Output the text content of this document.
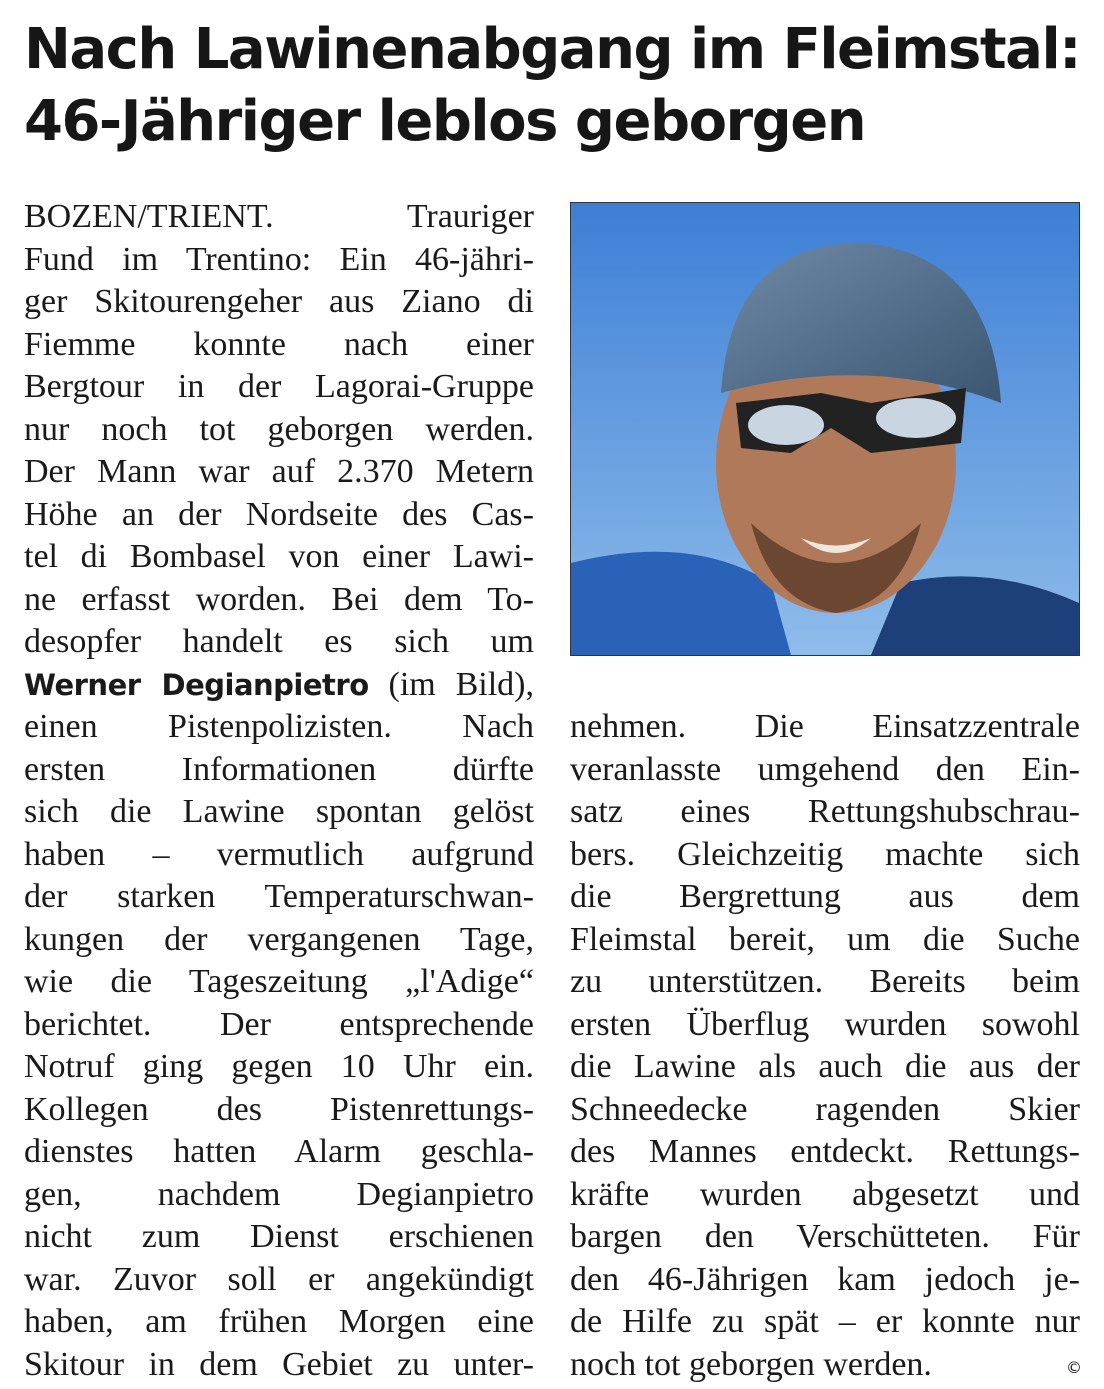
Nach Lawinenabgang im Fleimstal:
46-Jähriger leblos geborgen
BOZEN/TRIENT. Trauriger
Fund im Trentino: Ein 46-jähri-
ger Skitourengeher aus Ziano di
Fiemme konnte nach einer
Bergtour in der Lagorai-Gruppe
nur noch tot geborgen werden.
Der Mann war auf 2.370 Metern
Höhe an der Nordseite des Cas-
tel di Bombasel von einer Lawi-
ne erfasst worden. Bei dem To-
desopfer handelt es sich um
Werner Degianpietro (im Bild),
einen Pistenpolizisten. Nach
ersten Informationen dürfte
sich die Lawine spontan gelöst
haben – vermutlich aufgrund
der starken Temperaturschwan-
kungen der vergangenen Tage,
wie die Tageszeitung „l'Adige“
berichtet. Der entsprechende
Notruf ging gegen 10 Uhr ein.
Kollegen des Pistenrettungs-
dienstes hatten Alarm geschla-
gen, nachdem Degianpietro
nicht zum Dienst erschienen
war. Zuvor soll er angekündigt
haben, am frühen Morgen eine
Skitour in dem Gebiet zu unter-
nehmen. Die Einsatzzentrale
veranlasste umgehend den Ein-
satz eines Rettungshubschrau-
bers. Gleichzeitig machte sich
die Bergrettung aus dem
Fleimstal bereit, um die Suche
zu unterstützen. Bereits beim
ersten Überflug wurden sowohl
die Lawine als auch die aus der
Schneedecke ragenden Skier
des Mannes entdeckt. Rettungs-
kräfte wurden abgesetzt und
bargen den Verschütteten. Für
den 46-Jährigen kam jedoch je-
de Hilfe zu spät – er konnte nur
noch tot geborgen werden.	©
